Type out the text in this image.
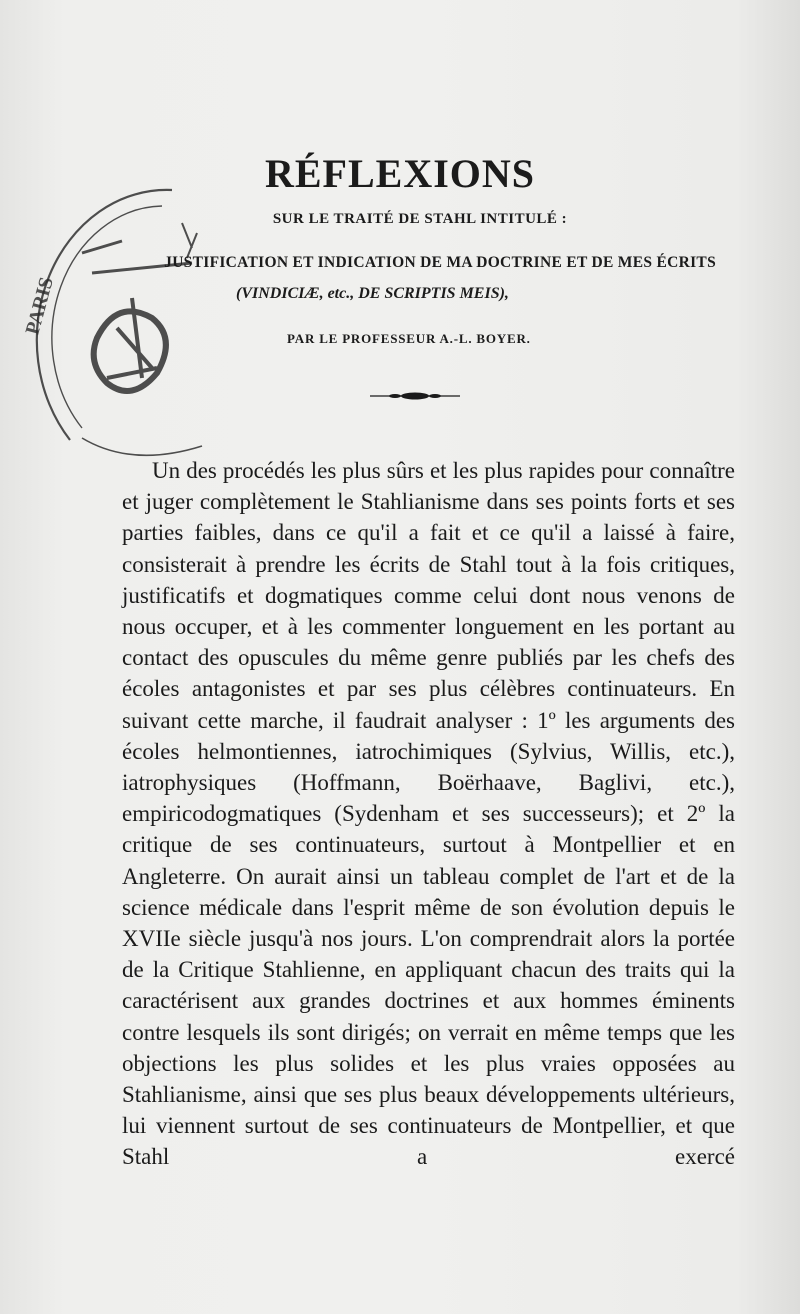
PARIS
RÉFLEXIONS
SUR LE TRAITÉ DE STAHL INTITULÉ :
JUSTIFICATION ET INDICATION DE MA DOCTRINE ET DE MES ÉCRITS
(VINDICIÆ, etc., DE SCRIPTIS MEIS),
PAR LE PROFESSEUR A.-L. BOYER.

Un des procédés les plus sûrs et les plus rapides pour connaître et juger complètement le Stahlianisme dans ses points forts et ses parties faibles, dans ce qu'il a fait et ce qu'il a laissé à faire, consisterait à prendre les écrits de Stahl tout à la fois critiques, justificatifs et dogmatiques comme celui dont nous venons de nous occuper, et à les commenter longuement en les portant au contact des opuscules du même genre publiés par les chefs des écoles antagonistes et par ses plus célèbres continuateurs. En suivant cette marche, il faudrait analyser : 1º les arguments des écoles helmontiennes, iatrochimiques (Sylvius, Willis, etc.), iatrophysiques (Hoffmann, Boërhaave, Baglivi, etc.), empiricodogmatiques (Sydenham et ses successeurs); et 2º la critique de ses continuateurs, surtout à Montpellier et en Angleterre. On aurait ainsi un tableau complet de l'art et de la science médicale dans l'esprit même de son évolution depuis le XVIIe siècle jusqu'à nos jours. L'on comprendrait alors la portée de la Critique Stahlienne, en appliquant chacun des traits qui la caractérisent aux grandes doctrines et aux hommes éminents contre lesquels ils sont dirigés; on verrait en même temps que les objections les plus solides et les plus vraies opposées au Stahlianisme, ainsi que ses plus beaux développements ultérieurs, lui viennent surtout de ses continuateurs de Montpellier, et que Stahl a exercé
